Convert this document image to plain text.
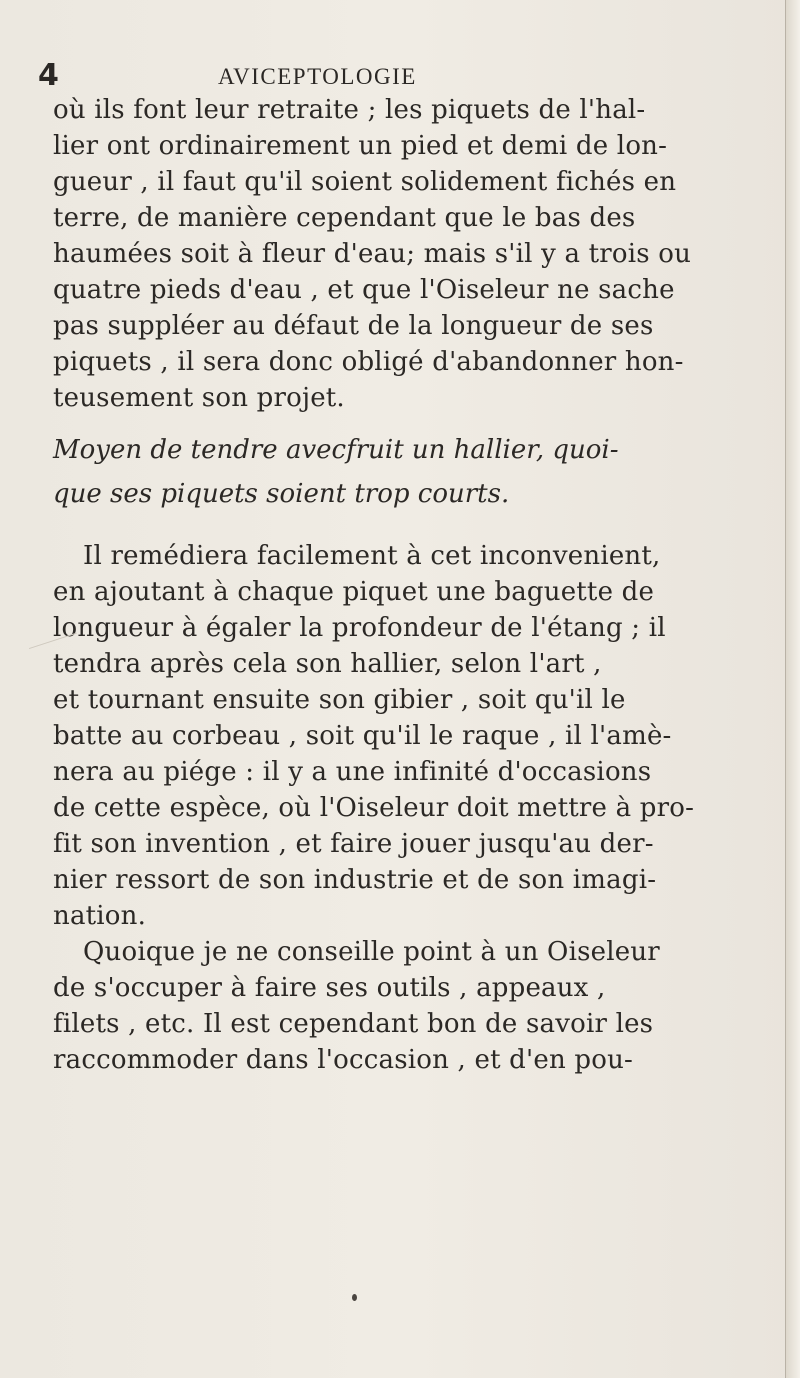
4	AVICEPTOLOGIE
où ils font leur retraite ; les piquets de l'hal-
lier ont ordinairement un pied et demi de lon-
gueur , il faut qu'il soient solidement fichés en
terre, de manière cependant que le bas des
haumées soit à fleur d'eau; mais s'il y a trois ou
quatre pieds d'eau , et que l'Oiseleur ne sache
pas suppléer au défaut de la longueur de ses
piquets , il sera donc obligé d'abandonner hon-
teusement son projet.
Moyen de tendre avecfruit un hallier, quoi-
que ses piquets soient trop courts.
Il remédiera facilement à cet inconvenient,
en ajoutant à chaque piquet une baguette de
longueur à égaler la profondeur de l'étang ; il
tendra après cela son hallier, selon l'art ,
et tournant ensuite son gibier , soit qu'il le
batte au corbeau , soit qu'il le raque , il l'amè-
nera au piége : il y a une infinité d'occasions
de cette espèce, où l'Oiseleur doit mettre à pro-
fit son invention , et faire jouer jusqu'au der-
nier ressort de son industrie et de son imagi-
nation.
Quoique je ne conseille point à un Oiseleur
de s'occuper à faire ses outils , appeaux ,
filets , etc. Il est cependant bon de savoir les
raccommoder dans l'occasion , et d'en pou-
